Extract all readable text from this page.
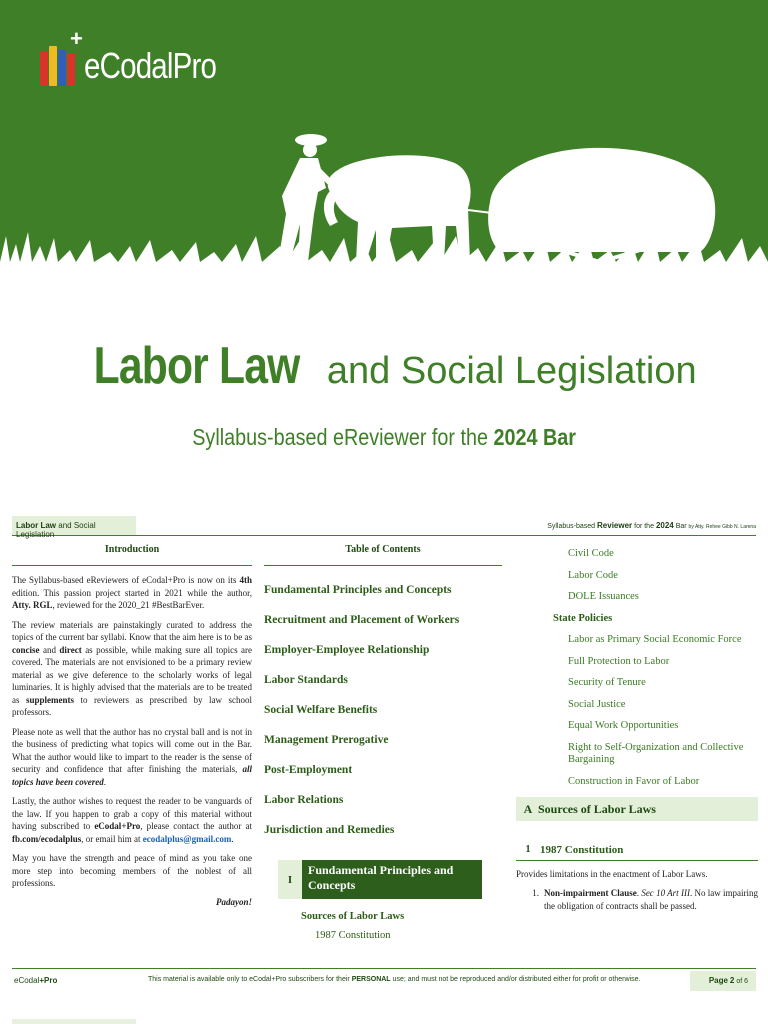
+
eCodalPro
Labor Law and Social Legislation
Syllabus-based eReviewer for the 2024 Bar
Labor Law and Social Legislation
Syllabus-based Reviewer for the 2024 Bar by Atty. Rehee Gibb N. Larena
Introduction

The Syllabus-based eReviewers of eCodal+Pro is now on its 4th edition. This passion project started in 2021 while the author, Atty. RGL, reviewed for the 2020_21 #BestBarEver.

The review materials are painstakingly curated to address the topics of the current bar syllabi. Know that the aim here is to be as concise and direct as possible, while making sure all topics are covered. The materials are not envisioned to be a primary review material as we give deference to the scholarly works of legal luminaries. It is highly advised that the materials are to be treated as supplements to reviewers as prescribed by law school professors.

Please note as well that the author has no crystal ball and is not in the business of predicting what topics will come out in the Bar. What the author would like to impart to the reader is the sense of security and confidence that after finishing the materials, all topics have been covered.

Lastly, the author wishes to request the reader to be vanguards of the law. If you happen to grab a copy of this material without having subscribed to eCodal+Pro, please contact the author at fb.com/ecodalplus, or email him at ecodalplus@gmail.com.

May you have the strength and peace of mind as you take one more step into becoming members of the noblest of all professions.

Padayon!
Table of Contents
Fundamental Principles and Concepts
Recruitment and Placement of Workers
Employer-Employee Relationship
Labor Standards
Social Welfare Benefits
Management Prerogative
Post-Employment
Labor Relations
Jurisdiction and Remedies
I
Fundamental Principles and Concepts
Sources of Labor Laws
1987 Constitution
Civil Code
Labor Code
DOLE Issuances
State Policies
Labor as Primary Social Economic Force
Full Protection to Labor
Security of Tenure
Social Justice
Equal Work Opportunities
Right to Self-Organization and Collective Bargaining
Construction in Favor of Labor
A Sources of Labor Laws
1 1987 Constitution

Provides limitations in the enactment of Labor Laws.

1. Non-impairment Clause. Sec 10 Art III. No law impairing the obligation of contracts shall be passed.
eCodal+Pro	This material is available only to eCodal+Pro subscribers for their PERSONAL use; and must not be reproduced and/or distributed either for profit or otherwise.	Page 2 of 6
